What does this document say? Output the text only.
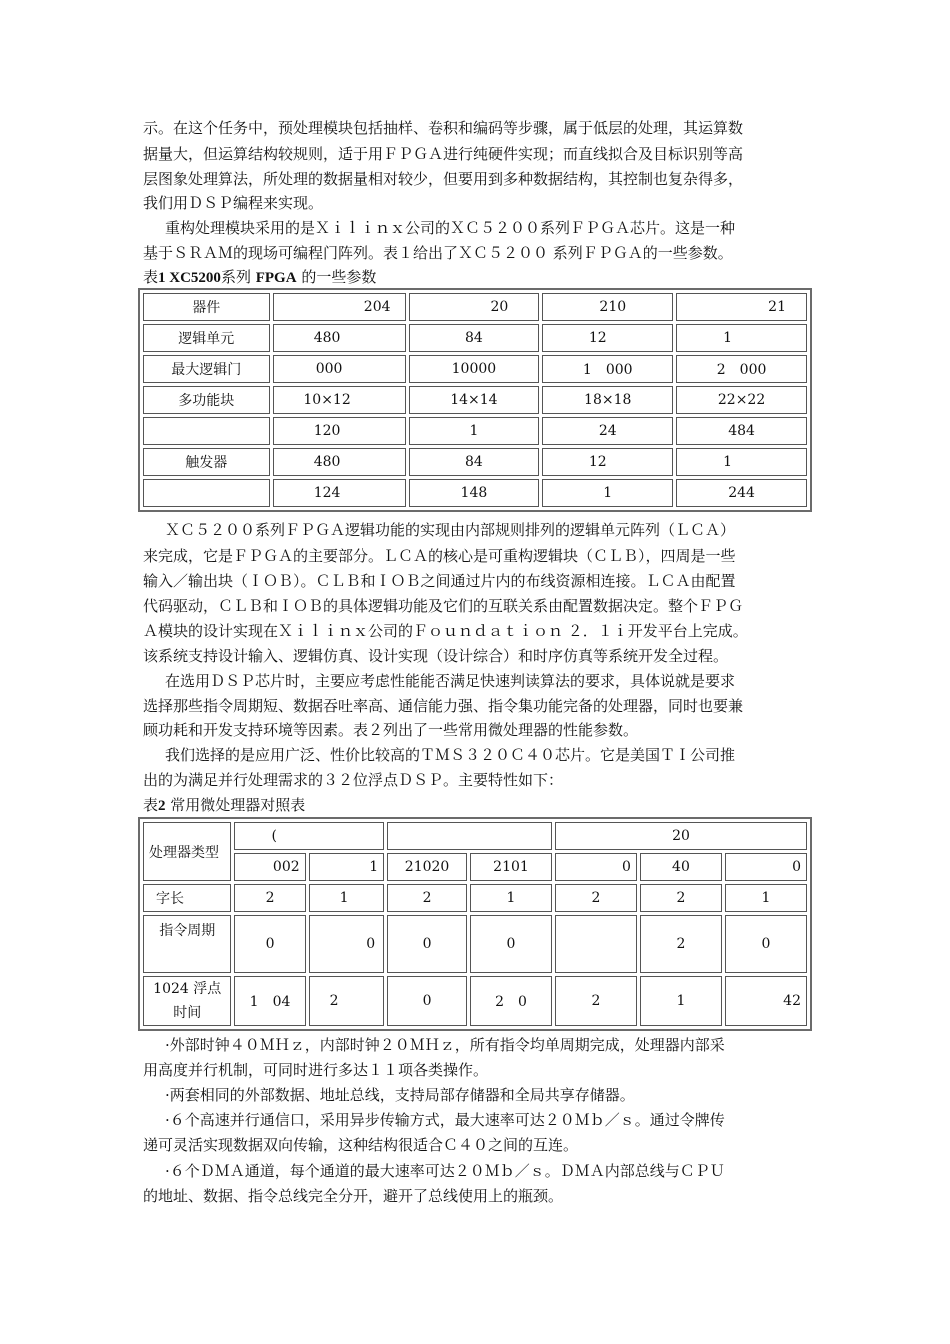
示。在这个任务中，预处理模块包括抽样、卷积和编码等步骤，属于低层的处理，其运算数
据量大，但运算结构较规则，适于用ＦＰＧＡ进行纯硬件实现；而直线拟合及目标识别等高
层图象处理算法，所处理的数据量相对较少，但要用到多种数据结构，其控制也复杂得多，
我们用ＤＳＰ编程来实现。
重构处理模块采用的是Ｘｉｌｉｎｘ公司的ＸＣ５２００系列ＦＰＧＡ芯片。这是一种
基于ＳＲＡＭ的现场可编程门阵列。表１给出了ＸＣ５２００ 系列ＦＰＧＡ的一些参数。
表1 XC5200系列 FPGA 的一些参数
器件	204	20	210	21
逻辑单元	480	84	12	1
最大逻辑门	000	10000	1　000	2　000
多功能块	10×12	14×14	18×18	22×22
	120	1	24	484
触发器	480	84	12	1
	124	148	1	244
ＸＣ５２００系列ＦＰＧＡ逻辑功能的实现由内部规则排列的逻辑单元阵列（ＬＣＡ）
来完成，它是ＦＰＧＡ的主要部分。ＬＣＡ的核心是可重构逻辑块（ＣＬＢ），四周是一些
输入／输出块（ＩＯＢ）。ＣＬＢ和ＩＯＢ之间通过片内的布线资源相连接。ＬＣＡ由配置
代码驱动，ＣＬＢ和ＩＯＢ的具体逻辑功能及它们的互联关系由配置数据决定。整个ＦＰＧ
Ａ模块的设计实现在Ｘｉｌｉｎｘ公司的Ｆｏｕｎｄａｔｉｏｎ ２．１ｉ开发平台上完成。
该系统支持设计输入、逻辑仿真、设计实现（设计综合）和时序仿真等系统开发全过程。
在选用ＤＳＰ芯片时，主要应考虑性能能否满足快速判读算法的要求，具体说就是要求
选择那些指令周期短、数据吞吐率高、通信能力强、指令集功能完备的处理器，同时也要兼
顾功耗和开发支持环境等因素。表２列出了一些常用微处理器的性能参数。
我们选择的是应用广泛、性价比较高的ＴＭＳ３２０Ｃ４０芯片。它是美国ＴＩ公司推
出的为满足并行处理需求的３２位浮点ＤＳＰ。主要特性如下：
表2 常用微处理器对照表
处理器类型	(				20		
	002	1	21020	2101	0	40	0
字长	2	1	2	1	2	2	1
指令周期	0	0	0	0		2	0
1024 浮点时间	1　04	2	0	2　0	2	1	42
·外部时钟４０ＭＨｚ，内部时钟２０ＭＨｚ，所有指令均单周期完成，处理器内部采
用高度并行机制，可同时进行多达１１项各类操作。
·两套相同的外部数据、地址总线，支持局部存储器和全局共享存储器。
·６个高速并行通信口，采用异步传输方式，最大速率可达２０Ｍｂ／ｓ。通过令牌传
递可灵活实现数据双向传输，这种结构很适合Ｃ４０之间的互连。
·６个ＤＭＡ通道，每个通道的最大速率可达２０Ｍｂ／ｓ。ＤＭＡ内部总线与ＣＰＵ
的地址、数据、指令总线完全分开，避开了总线使用上的瓶颈。
